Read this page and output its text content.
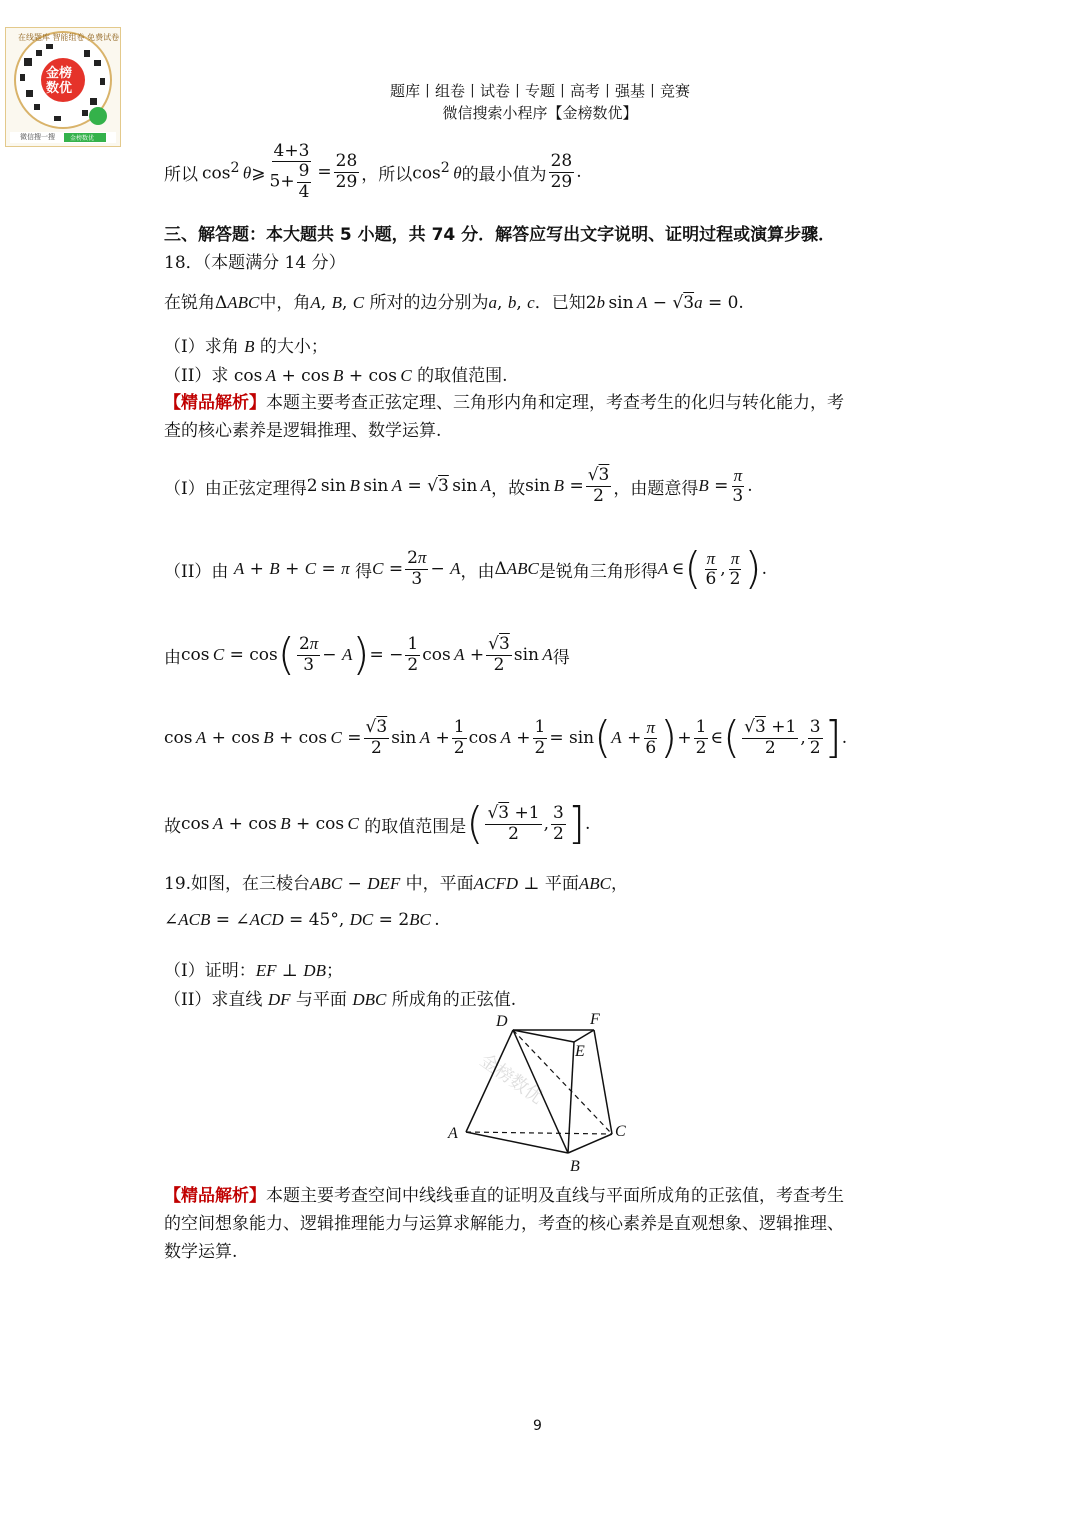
金榜
数优
在线题库 智能组卷 免费试卷
微信搜一搜	金榜数优
题库丨组卷丨试卷丨专题丨高考丨强基丨竞赛
微信搜索小程序【金榜数优】
所以 $\cos^2$  θ⩾ $\frac{4+3}{5+ \frac{9}{4}} = \frac{28}{29}$ ，所以 $\cos^2 \theta$ 的最小值为 $\frac{28}{29}$ .
三、解答题：本大题共 5 小题，共 74 分．解答应写出文字说明、证明过程或演算步骤．
18．（本题满分 14 分）
在锐角ΔABC中，角A, B, C 所对的边分别为a, b, c．已知2b sin A − √3a = 0.
（I）求角 B 的大小；
（II）求 cos A + cos B + cos C 的取值范围.
【精品解析】本题主要考查正弦定理、三角形内角和定理，考查考生的化归与转化能力，考
查的核心素养是逻辑推理、数学运算.
（I）由正弦定理得 2 sin B sin A = √3 sin A ，故 $\sin B = \frac{√3}{2}$ ，由题意得 $B = \frac{\pi}{3}$ .
（II）由
A + B + C = π
得 $C = \frac{2\pi}{3} - A$ ，由 ΔABC 是锐角三角形得 A  ∈ ( $\frac{\pi}{6}$ , $\frac{\pi}{2}$ ) .
由 cos C = cos ( $\frac{2\pi}{3} - A$ ) = − $\frac{1}{2}$ $\cos A + \frac{√3}{2}$ sin A 得
$\cos A + \cos B + \cos C = \frac{√3}{2}$ $\sin A + \frac{1}{2}$ $\cos A + \frac{1}{2} = \sin$ ( $A + \frac{\pi}{6}$ ) + $\frac{1}{2}$ ∈ ( $\frac{√3 +1}{2}$ , $\frac{3}{2}$ ] .
故 cos A + cos B + cos C
的取值范围是 ( $\frac{√3 +1}{2}$ , $\frac{3}{2}$ ] .
19.如图，在三棱台ABC − DEF 中，平面ACFD ⊥ 平面ABC，
∠ACB = ∠ACD = 45°, DC = 2BC .
（I）证明：EF ⊥ DB；
（II）求直线 DF 与平面 DBC 所成角的正弦值.
金榜数优
D	F
E
A	C
B
【精品解析】本题主要考查空间中线线垂直的证明及直线与平面所成角的正弦值，考查考生
的空间想象能力、逻辑推理能力与运算求解能力，考查的核心素养是直观想象、逻辑推理、
数学运算.
9
